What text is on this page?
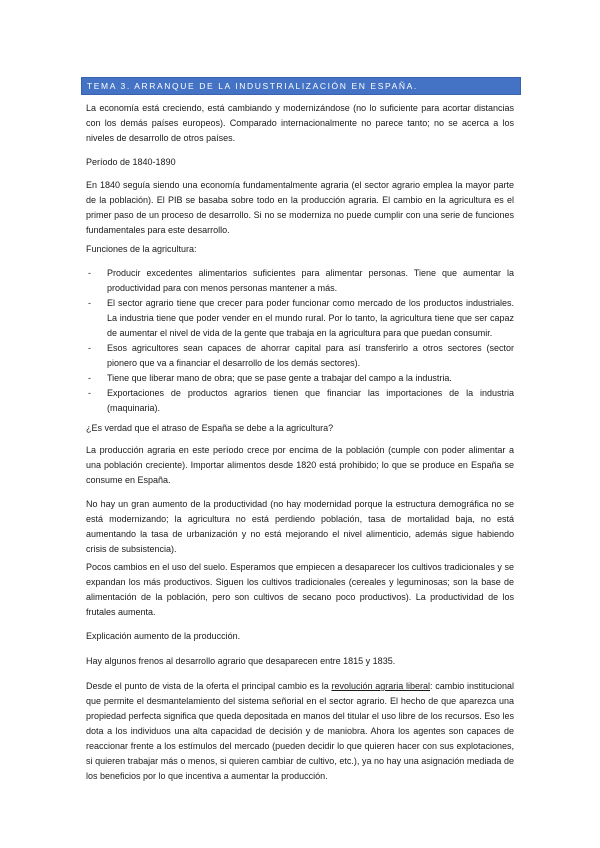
TEMA 3. ARRANQUE DE LA INDUSTRIALIZACIÓN EN ESPAÑA.
La economía está creciendo, está cambiando y modernizándose (no lo suficiente para acortar distancias con los demás países europeos). Comparado internacionalmente no parece tanto; no se acerca a los niveles de desarrollo de otros países.
Período de 1840-1890
En 1840 seguía siendo una economía fundamentalmente agraria (el sector agrario emplea la mayor parte de la población). El PIB se basaba sobre todo en la producción agraria. El cambio en la agricultura es el primer paso de un proceso de desarrollo. Si no se moderniza no puede cumplir con una serie de funciones fundamentales para este desarrollo.
Funciones de la agricultura:
- Producir excedentes alimentarios suficientes para alimentar personas. Tiene que aumentar la productividad para con menos personas mantener a más.
- El sector agrario tiene que crecer para poder funcionar como mercado de los productos industriales. La industria tiene que poder vender en el mundo rural. Por lo tanto, la agricultura tiene que ser capaz de aumentar el nivel de vida de la gente que trabaja en la agricultura para que puedan consumir.
- Esos agricultores sean capaces de ahorrar capital para así transferirlo a otros sectores (sector pionero que va a financiar el desarrollo de los demás sectores).
- Tiene que liberar mano de obra; que se pase gente a trabajar del campo a la industria.
- Exportaciones de productos agrarios tienen que financiar las importaciones de la industria (maquinaria).
¿Es verdad que el atraso de España se debe a la agricultura?
La producción agraria en este período crece por encima de la población (cumple con poder alimentar a una población creciente). Importar alimentos desde 1820 está prohibido; lo que se produce en España se consume en España.
No hay un gran aumento de la productividad (no hay modernidad porque la estructura demográfica no se está modernizando; la agricultura no está perdiendo población, tasa de mortalidad baja, no está aumentando la tasa de urbanización y no está mejorando el nivel alimenticio, además sigue habiendo crisis de subsistencia).
Pocos cambios en el uso del suelo. Esperamos que empiecen a desaparecer los cultivos tradicionales y se expandan los más productivos. Siguen los cultivos tradicionales (cereales y leguminosas; son la base de alimentación de la población, pero son cultivos de secano poco productivos). La productividad de los frutales aumenta.
Explicación aumento de la producción.
Hay algunos frenos al desarrollo agrario que desaparecen entre 1815 y 1835.
Desde el punto de vista de la oferta el principal cambio es la revolución agraria liberal: cambio institucional que permite el desmantelamiento del sistema señorial en el sector agrario. El hecho de que aparezca una propiedad perfecta significa que queda depositada en manos del titular el uso libre de los recursos. Eso les dota a los individuos una alta capacidad de decisión y de maniobra. Ahora los agentes son capaces de reaccionar frente a los estímulos del mercado (pueden decidir lo que quieren hacer con sus explotaciones, si quieren trabajar más o menos, si quieren cambiar de cultivo, etc.), ya no hay una asignación mediada de los beneficios por lo que incentiva a aumentar la producción.
